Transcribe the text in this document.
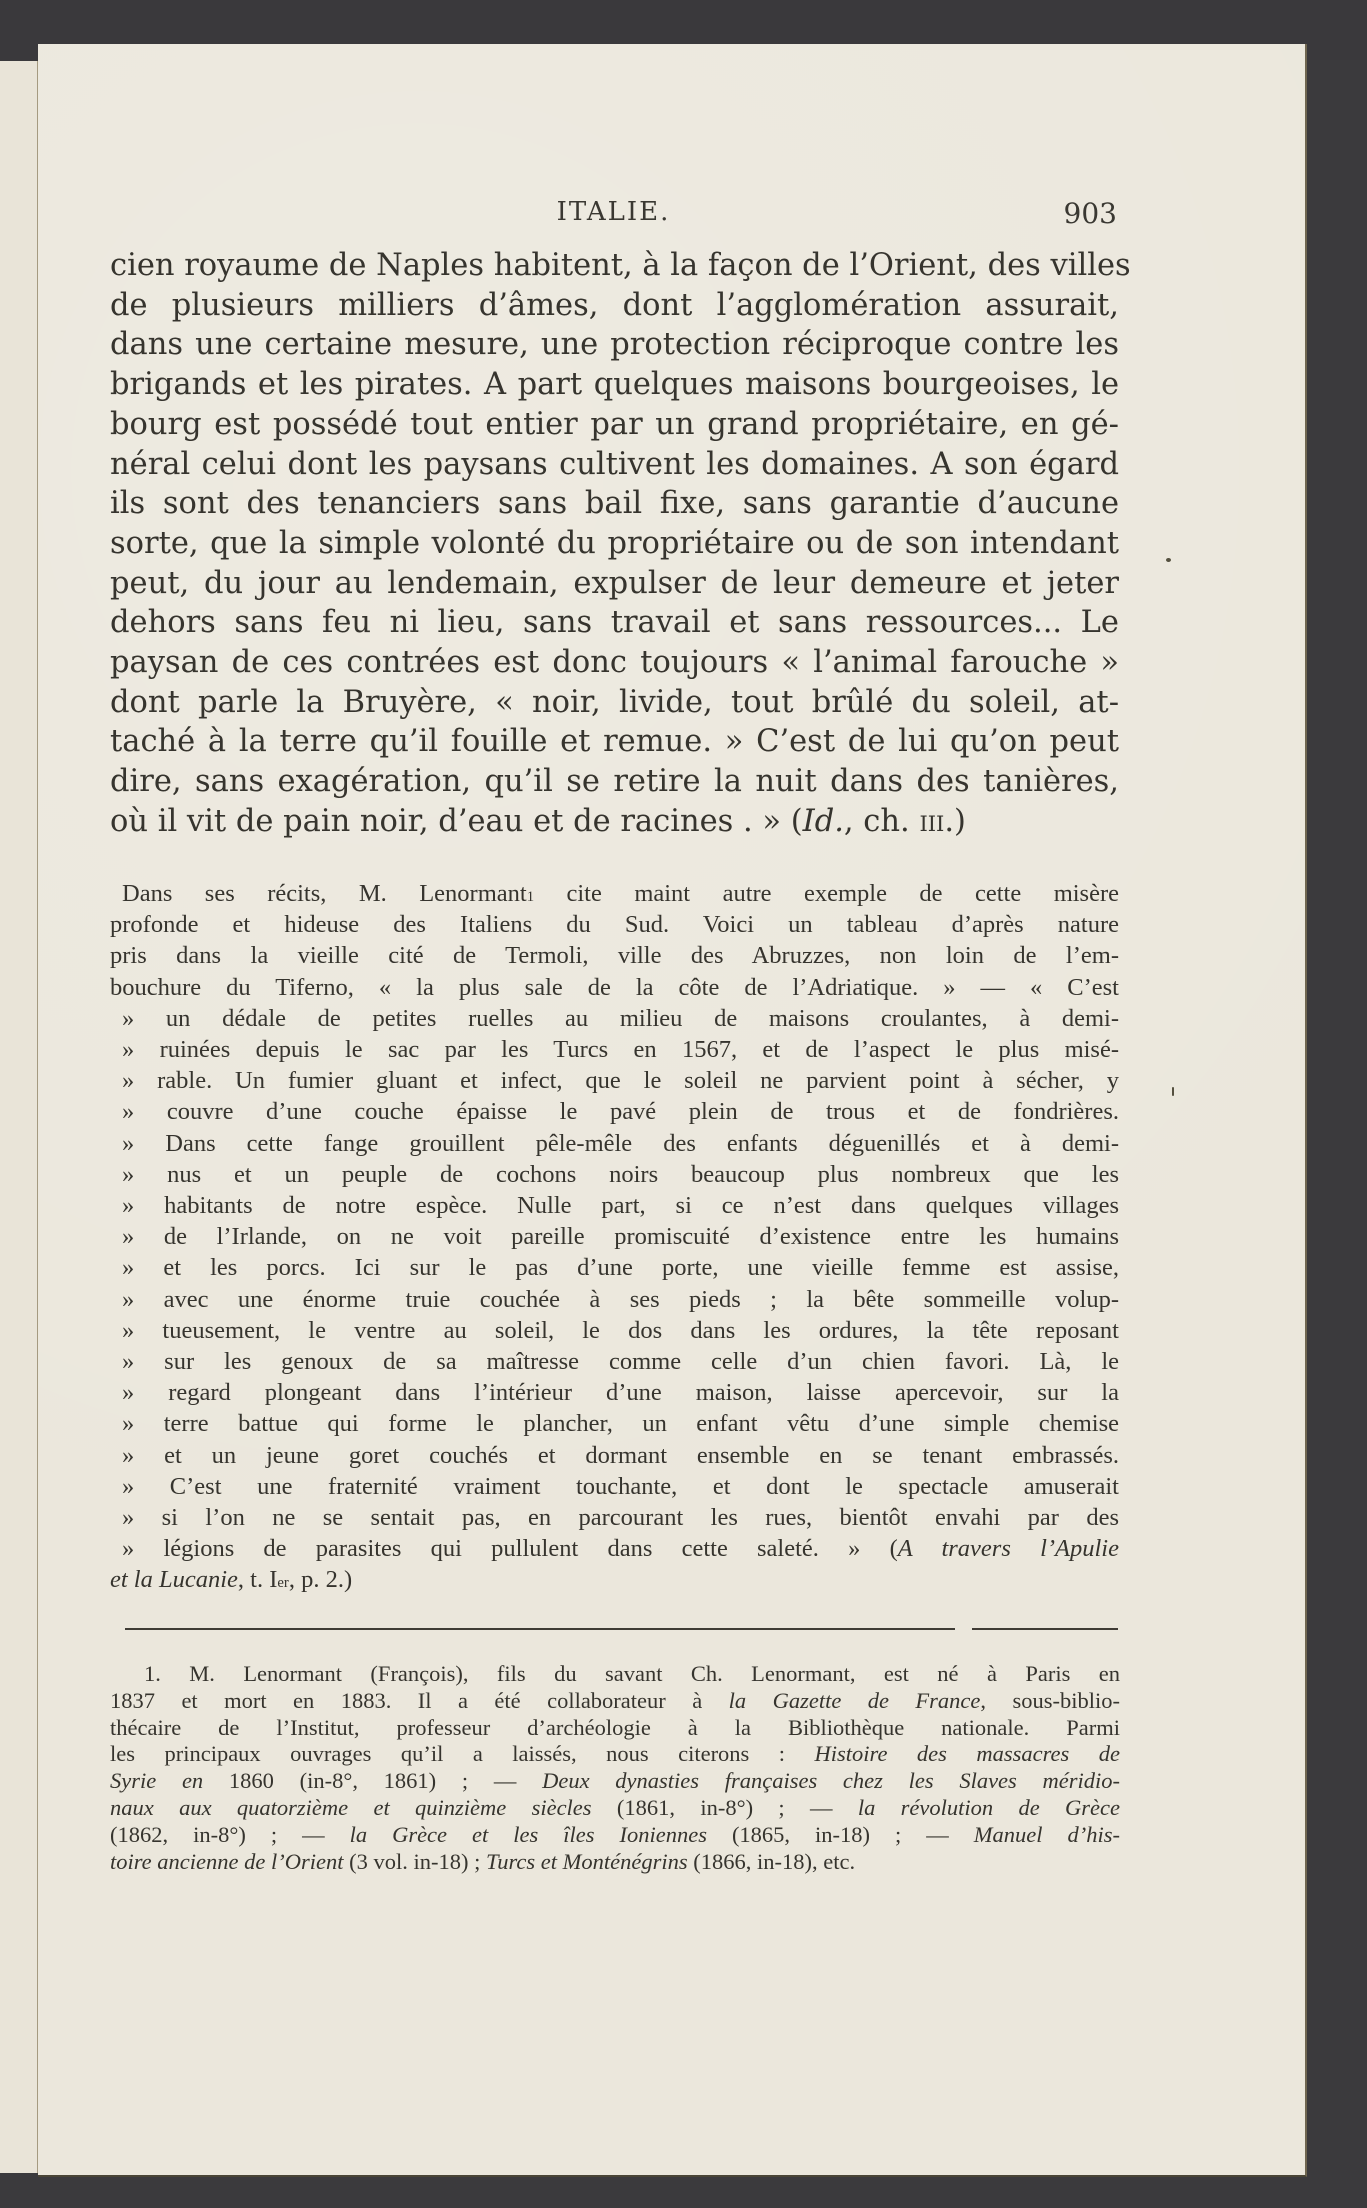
ITALIE.	903

cien royaume de Naples habitent, à la façon de l’Orient, des villes
de plusieurs milliers d’âmes, dont l’agglomération assurait,
dans une certaine mesure, une protection réciproque contre les
brigands et les pirates. A part quelques maisons bourgeoises, le
bourg est possédé tout entier par un grand propriétaire, en gé-
néral celui dont les paysans cultivent les domaines. A son égard
ils sont des tenanciers sans bail fixe, sans garantie d’aucune
sorte, que la simple volonté du propriétaire ou de son intendant
peut, du jour au lendemain, expulser de leur demeure et jeter
dehors sans feu ni lieu, sans travail et sans ressources... Le
paysan de ces contrées est donc toujours « l’animal farouche »
dont parle la Bruyère, « noir, livide, tout brûlé du soleil, at-
taché à la terre qu’il fouille et remue. » C’est de lui qu’on peut
dire, sans exagération, qu’il se retire la nuit dans des tanières,
où il vit de pain noir, d’eau et de racines . » (Id., ch. iii.)

Dans ses récits, M. Lenormant$^1$ cite maint autre exemple de cette misère
profonde et hideuse des Italiens du Sud. Voici un tableau d’après nature
pris dans la vieille cité de Termoli, ville des Abruzzes, non loin de l’em-
bouchure du Tiferno, « la plus sale de la côte de l’Adriatique. » — « C’est
» un dédale de petites ruelles au milieu de maisons croulantes, à demi-
» ruinées depuis le sac par les Turcs en 1567, et de l’aspect le plus misé-
» rable. Un fumier gluant et infect, que le soleil ne parvient point à sécher, y
» couvre d’une couche épaisse le pavé plein de trous et de fondrières.
» Dans cette fange grouillent pêle-mêle des enfants déguenillés et à demi-
» nus et un peuple de cochons noirs beaucoup plus nombreux que les
» habitants de notre espèce. Nulle part, si ce n’est dans quelques villages
» de l’Irlande, on ne voit pareille promiscuité d’existence entre les humains
» et les porcs. Ici sur le pas d’une porte, une vieille femme est assise,
» avec une énorme truie couchée à ses pieds ; la bête sommeille volup-
» tueusement, le ventre au soleil, le dos dans les ordures, la tête reposant
» sur les genoux de sa maîtresse comme celle d’un chien favori. Là, le
» regard plongeant dans l’intérieur d’une maison, laisse apercevoir, sur la
» terre battue qui forme le plancher, un enfant vêtu d’une simple chemise
» et un jeune goret couchés et dormant ensemble en se tenant embrassés.
» C’est une fraternité vraiment touchante, et dont le spectacle amuserait
» si l’on ne se sentait pas, en parcourant les rues, bientôt envahi par des
» légions de parasites qui pullulent dans cette saleté. » (A travers l’Apulie
et la Lucanie, t. Ier, p. 2.)
1. M. Lenormant (François), fils du savant Ch. Lenormant, est né à Paris en
1837 et mort en 1883. Il a été collaborateur à la Gazette de France, sous-biblio-
thécaire de l’Institut, professeur d’archéologie à la Bibliothèque nationale. Parmi
les principaux ouvrages qu’il a laissés, nous citerons : Histoire des massacres de
Syrie en 1860 (in-8°, 1861) ; — Deux dynasties françaises chez les Slaves méridio-
naux aux quatorzième et quinzième siècles (1861, in-8°) ; — la révolution de Grèce
(1862, in-8°) ; — la Grèce et les îles Ioniennes (1865, in-18) ; — Manuel d’his-
toire ancienne de l’Orient (3 vol. in-18) ; Turcs et Monténégrins (1866, in-18), etc.
